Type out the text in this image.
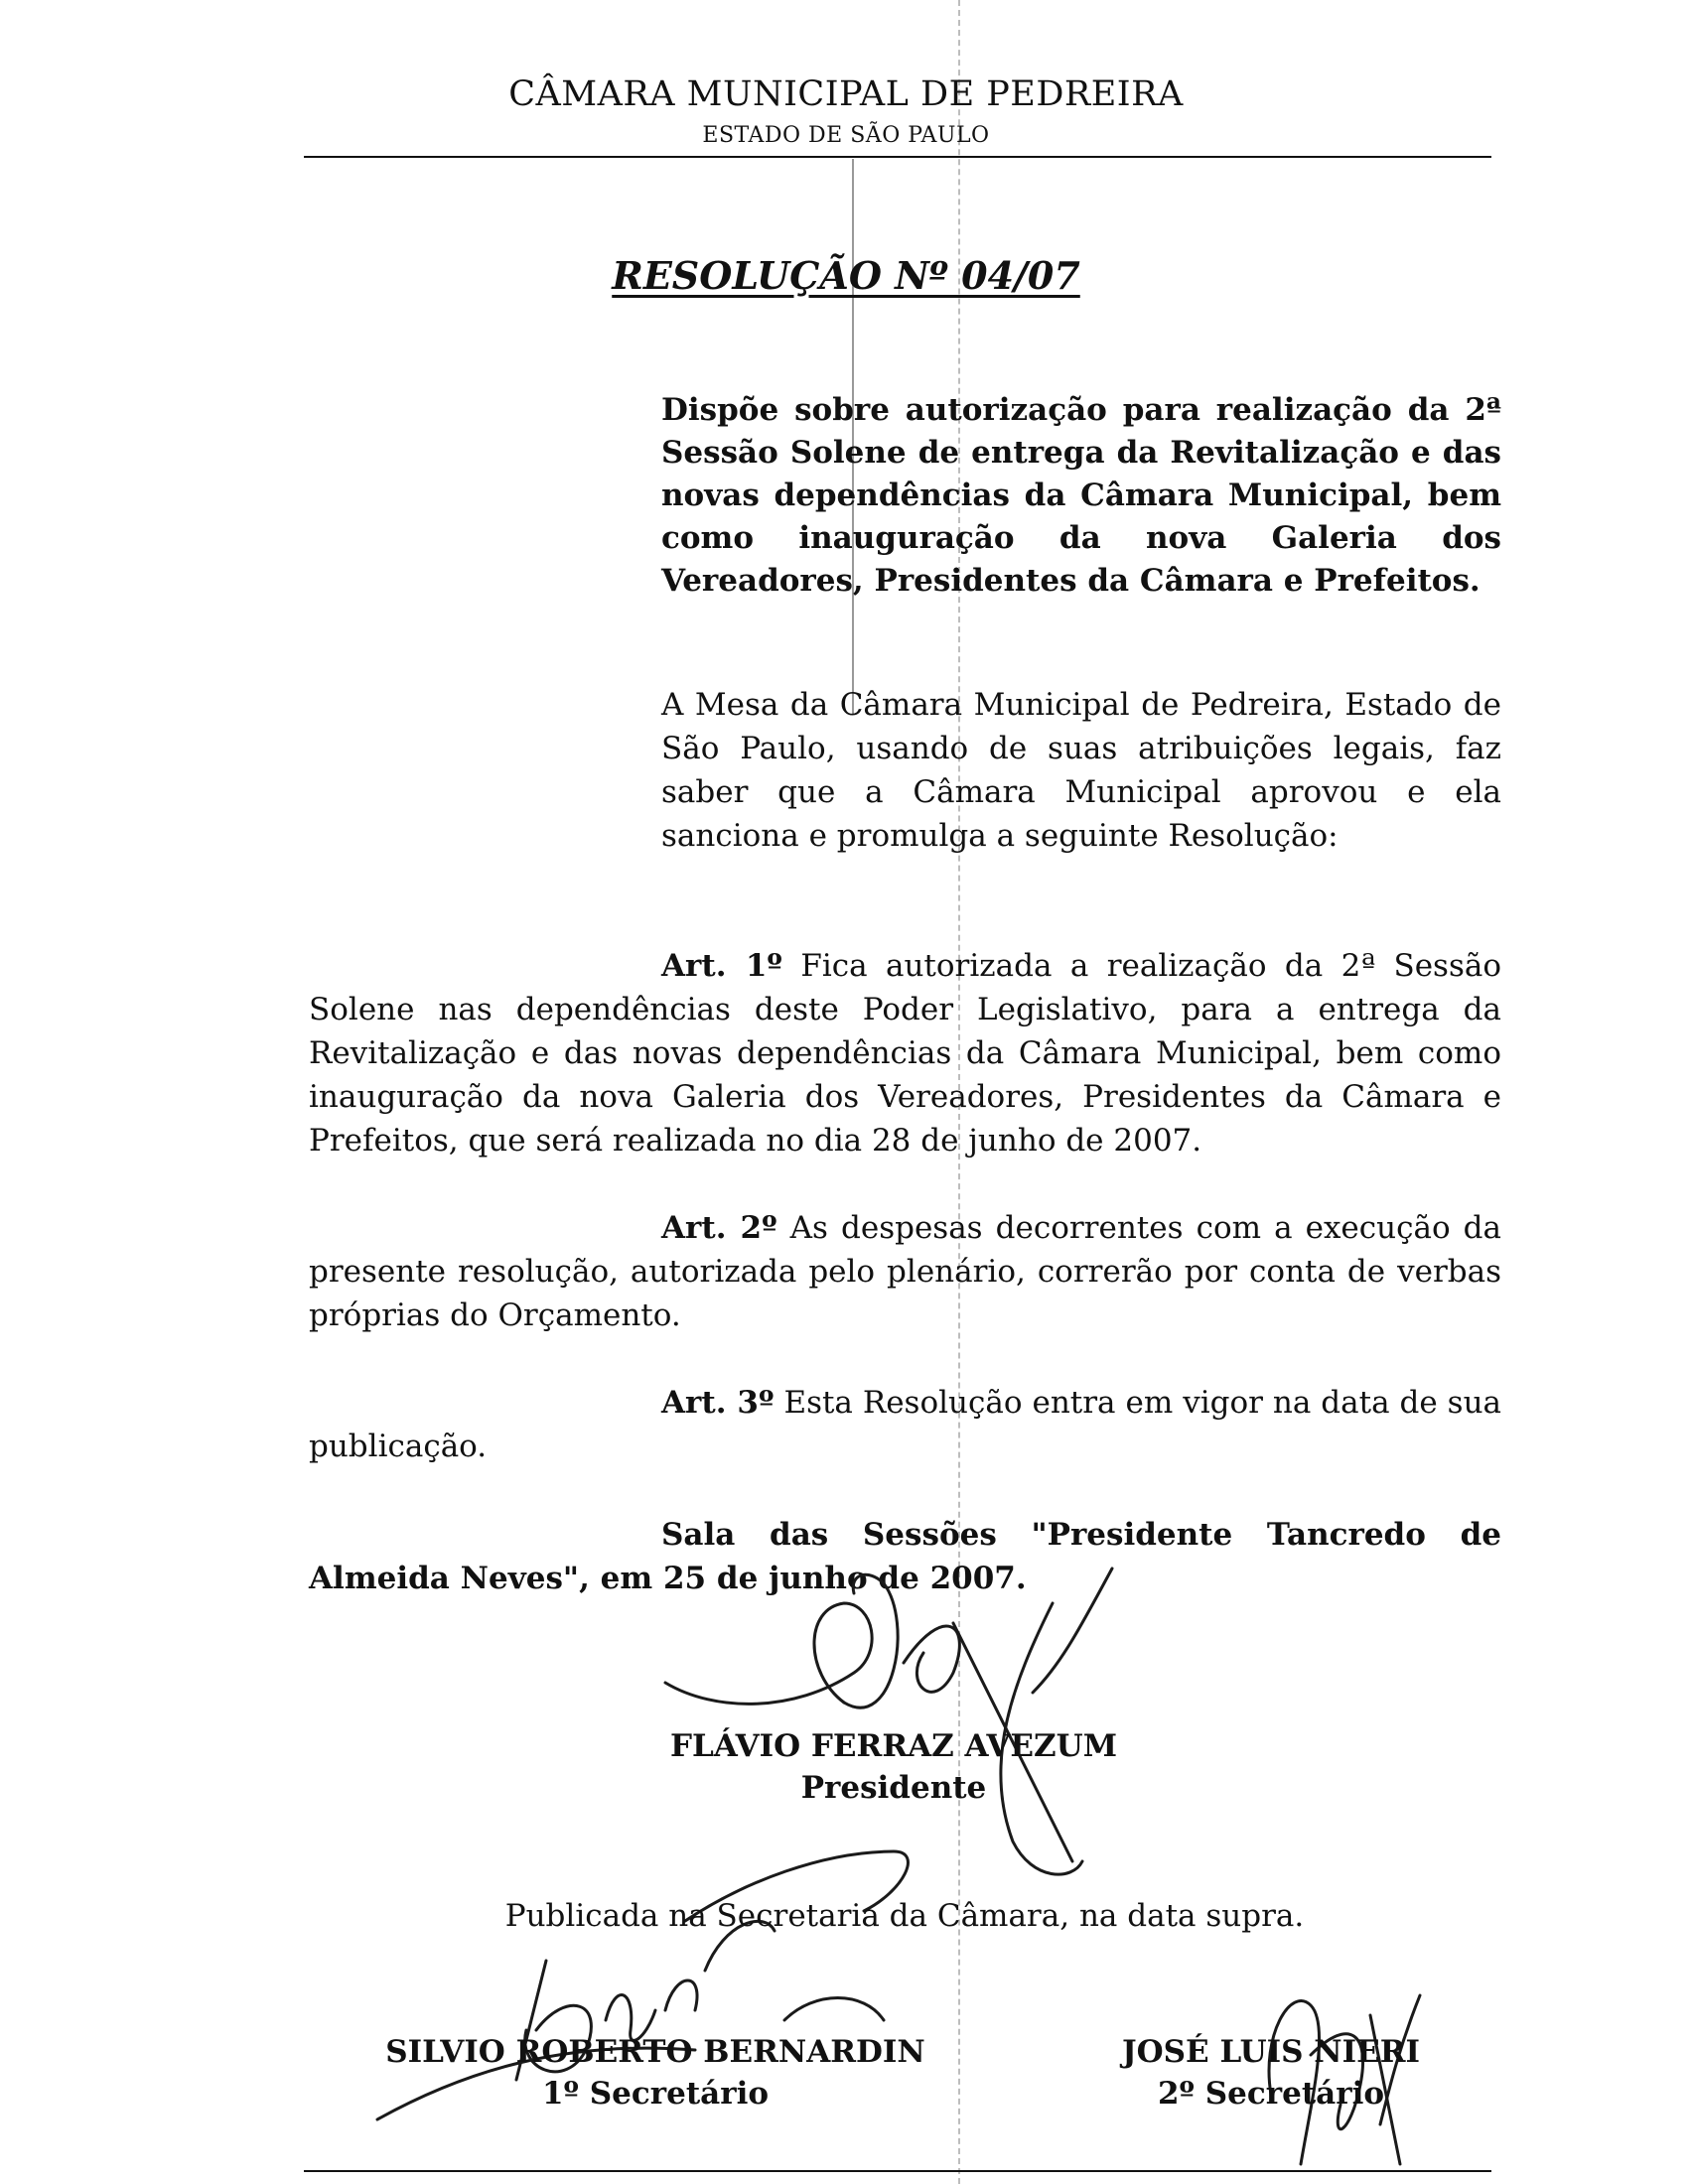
CÂMARA MUNICIPAL DE PEDREIRA
ESTADO DE SÃO PAULO
RESOLUÇÃO Nº 04/07
Dispõe sobre autorização para realização da 2ª Sessão Solene de entrega da Revitalização e das novas dependências da Câmara Municipal, bem como inauguração da nova Galeria dos Vereadores, Presidentes da Câmara e Prefeitos.
A Mesa da Câmara Municipal de Pedreira, Estado de São Paulo, usando de suas atribuições legais, faz saber que a Câmara Municipal aprovou e ela sanciona e promulga a seguinte Resolução:
Art. 1º Fica autorizada a realização da 2ª Sessão Solene nas dependências deste Poder Legislativo, para a entrega da Revitalização e das novas dependências da Câmara Municipal, bem como inauguração da nova Galeria dos Vereadores, Presidentes da Câmara e Prefeitos, que será realizada no dia 28 de junho de 2007.
Art. 2º As despesas decorrentes com a execução da presente resolução, autorizada pelo plenário, correrão por conta de verbas próprias do Orçamento.
Art. 3º Esta Resolução entra em vigor na data de sua publicação.
Sala das Sessões "Presidente Tancredo de Almeida Neves", em 25 de junho de 2007.
FLÁVIO FERRAZ AVEZUM
Presidente
Publicada na Secretaria da Câmara, na data supra.
SILVIO ROBERTO BERNARDIN
1º Secretário
JOSÉ LUIS NIERI
2º Secretário
